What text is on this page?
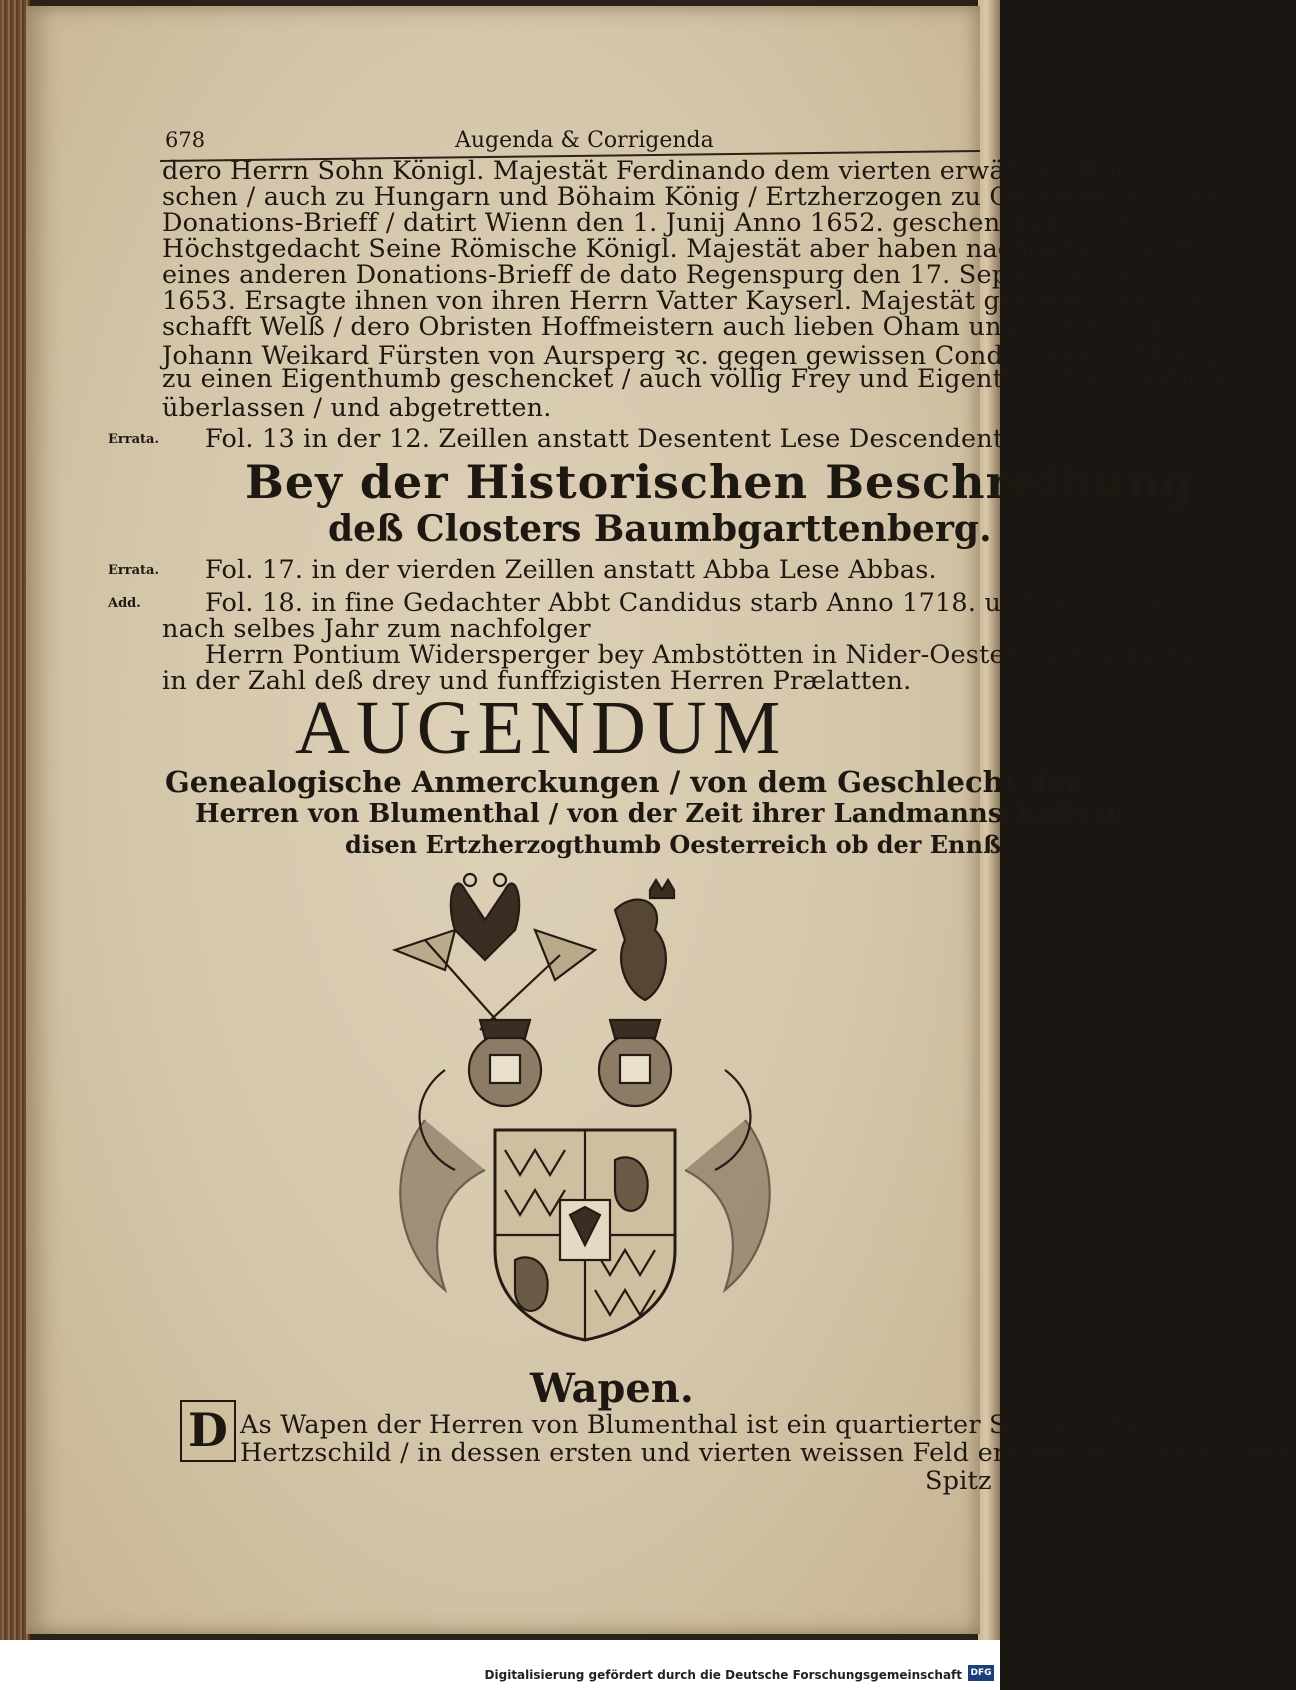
678	Augenda & Corrigenda
dero Herrn Sohn Königl. Majestät Ferdinando dem vierten erwählten Römi-
schen / auch zu Hungarn und Böhaim König / Ertzherzogen zu Oesterreich lauth
Donations-Brieff / datirt Wienn den 1. Junij Anno 1652. geschencket. Erst
Höchstgedacht Seine Römische Königl. Majestät aber haben nachgehend lauth
eines anderen Donations-Brieff de dato Regenspurg den 17. September Anno
1653. Ersagte ihnen von ihren Herrn Vatter Kayserl. Majestät geschenckte Graf-
schafft Welß / dero Obristen Hoffmeistern auch lieben Oham und Fürsten Herrn
Johann Weikard Fürsten von Aursperg ꝛc. gegen gewissen Conditionen auf Ewig
zu einen Eigenthumb geschencket / auch völlig Frey und Eigenthumblich cedieret /
überlassen / und abgetretten.
Errata. Fol. 13 in der 12. Zeillen anstatt Desentent Lese Descendenten
Bey der Historischen Beschreibung
deß Closters Baumbgarttenberg.
Errata. Fol. 17. in der vierden Zeillen anstatt Abba Lese Abbas.
Add.	Fol. 18. in fine Gedachter Abbt Candidus starb Anno 1718. und bekamme
nach selbes Jahr zum nachfolger
Herrn Pontium Widersperger bey Ambstötten in Nider-Oesterreich gebürtig /
in der Zahl deß drey und funffzigisten Herren Prælatten.
AUGENDUM
Genealogische Anmerckungen / von dem Geschlecht der
Herren von Blumenthal / von der Zeit ihrer Landmannschafft in
disen Ertzherzogthumb Oesterreich ob der Ennß.
Wapen.
D As Wapen der Herren von Blumenthal ist ein quartierter Schild mit einem
Hertzschild / in dessen ersten und vierten weissen Feld erscheinen drey auf den
Spitz
Digitalisierung gefördert durch die Deutsche Forschungsgemeinschaft DFG
